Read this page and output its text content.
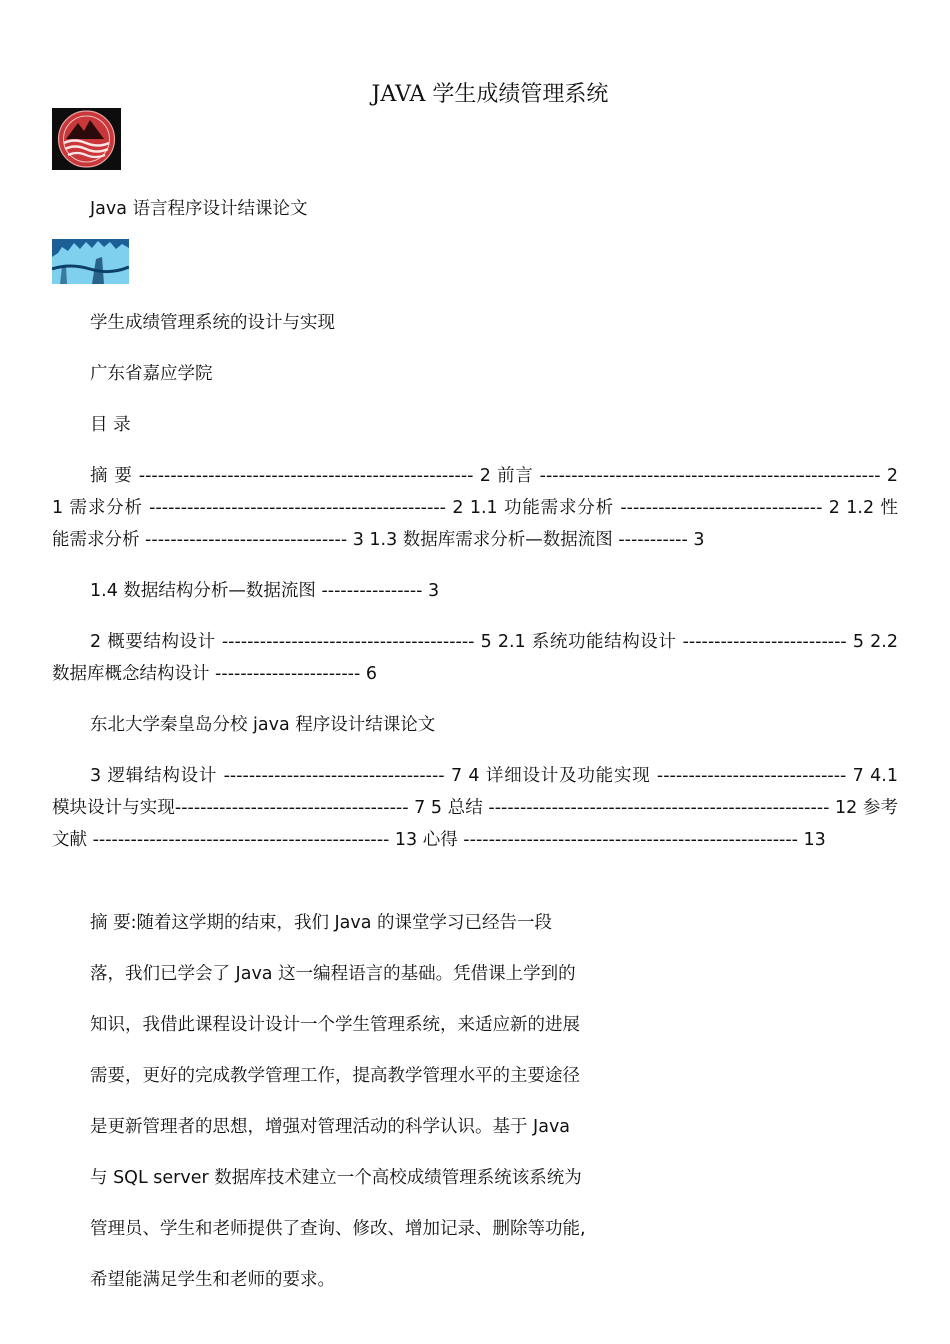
JAVA 学生成绩管理系统
Java 语言程序设计结课论文
学生成绩管理系统的设计与实现
广东省嘉应学院
目 录
摘 要 ----------------------------------------------------- 2 前言 ------------------------------------------------------ 2 1 需求分析 ----------------------------------------------- 2 1.1 功能需求分析 -------------------------------- 2 1.2 性能需求分析 -------------------------------- 3 1.3 数据库需求分析—数据流图 ----------- 3
1.4 数据结构分析—数据流图 ---------------- 3
2 概要结构设计 ---------------------------------------- 5 2.1 系统功能结构设计 -------------------------- 5 2.2 数据库概念结构设计 ----------------------- 6
东北大学秦皇岛分校 java 程序设计结课论文
3 逻辑结构设计 ----------------------------------- 7 4 详细设计及功能实现 ------------------------------ 7 4.1 模块设计与实现------------------------------------- 7 5 总结 ------------------------------------------------------ 12 参考文献 ----------------------------------------------- 13 心得 ----------------------------------------------------- 13
摘 要:随着这学期的结束，我们 Java 的课堂学习已经告一段
落，我们已学会了 Java 这一编程语言的基础。凭借课上学到的
知识，我借此课程设计设计一个学生管理系统，来适应新的进展
需要，更好的完成教学管理工作，提高教学管理水平的主要途径
是更新管理者的思想，增强对管理活动的科学认识。基于 Java
与 SQL server 数据库技术建立一个高校成绩管理系统该系统为
管理员、学生和老师提供了查询、修改、增加记录、删除等功能,
希望能满足学生和老师的要求。
